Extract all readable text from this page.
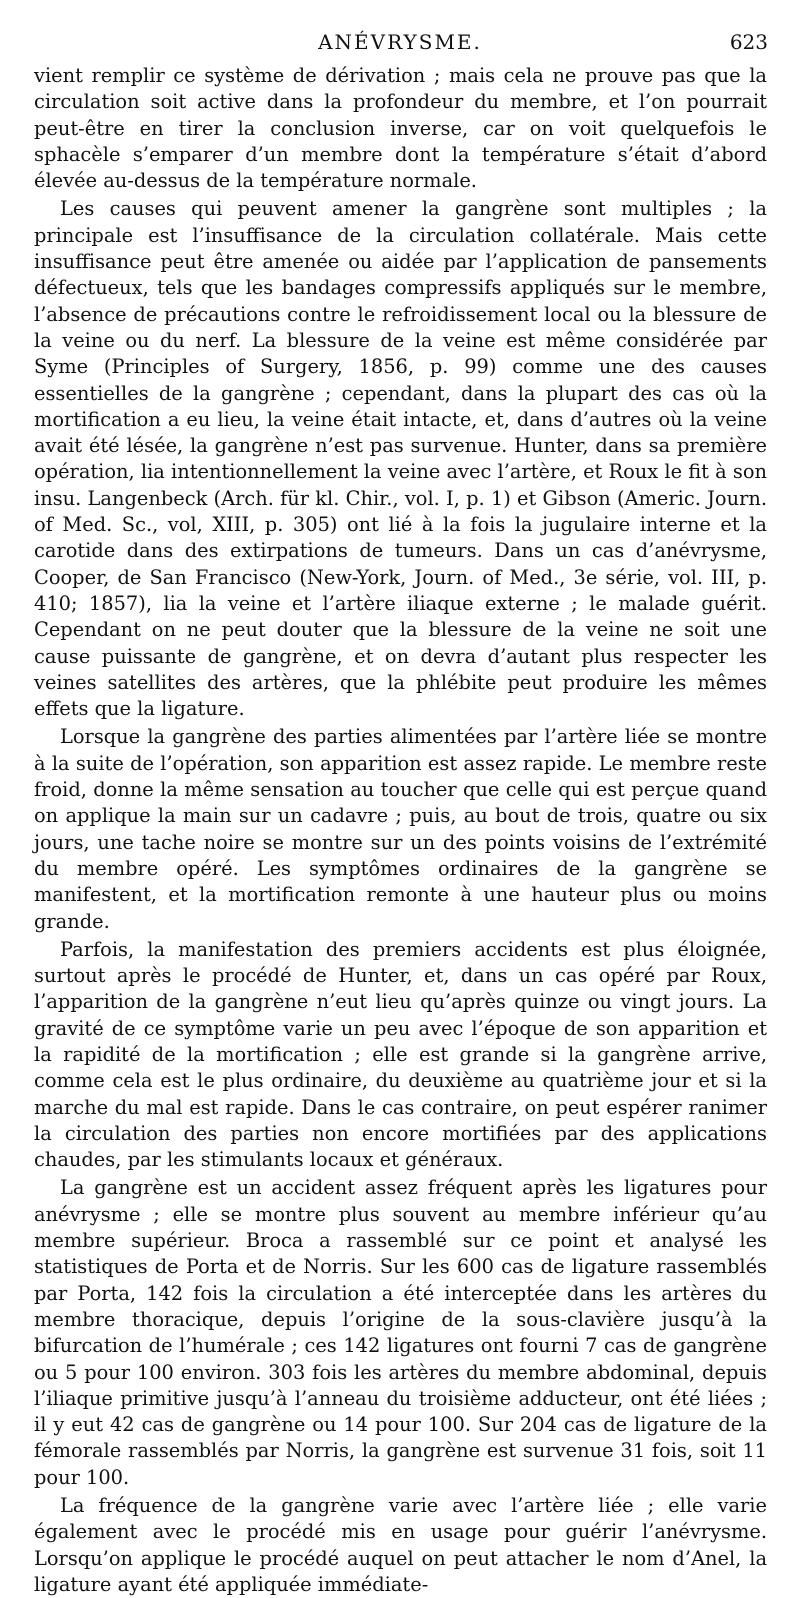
ANÉVRYSME.	623

vient remplir ce système de dérivation ; mais cela ne prouve pas que la circulation soit active dans la profondeur du membre, et l’on pourrait peut-être en tirer la conclusion inverse, car on voit quelquefois le sphacèle s’emparer d’un membre dont la température s’était d’abord élevée au-dessus de la température normale.

Les causes qui peuvent amener la gangrène sont multiples ; la principale est l’insuffisance de la circulation collatérale. Mais cette insuffisance peut être amenée ou aidée par l’application de pansements défectueux, tels que les bandages compressifs appliqués sur le membre, l’absence de précautions contre le refroidissement local ou la blessure de la veine ou du nerf. La blessure de la veine est même considérée par Syme (Principles of Surgery, 1856, p. 99) comme une des causes essentielles de la gangrène ; cependant, dans la plupart des cas où la mortification a eu lieu, la veine était intacte, et, dans d’autres où la veine avait été lésée, la gangrène n’est pas survenue. Hunter, dans sa première opération, lia intentionnellement la veine avec l’artère, et Roux le fit à son insu. Langenbeck (Arch. für kl. Chir., vol. I, p. 1) et Gibson (Americ. Journ. of Med. Sc., vol, XIII, p. 305) ont lié à la fois la jugulaire interne et la carotide dans des extirpations de tumeurs. Dans un cas d’anévrysme, Cooper, de San Francisco (New-York, Journ. of Med., 3e série, vol. III, p. 410; 1857), lia la veine et l’artère iliaque externe ; le malade guérit. Cependant on ne peut douter que la blessure de la veine ne soit une cause puissante de gangrène, et on devra d’autant plus respecter les veines satellites des artères, que la phlébite peut produire les mêmes effets que la ligature.

Lorsque la gangrène des parties alimentées par l’artère liée se montre à la suite de l’opération, son apparition est assez rapide. Le membre reste froid, donne la même sensation au toucher que celle qui est perçue quand on applique la main sur un cadavre ; puis, au bout de trois, quatre ou six jours, une tache noire se montre sur un des points voisins de l’extrémité du membre opéré. Les symptômes ordinaires de la gangrène se manifestent, et la mortification remonte à une hauteur plus ou moins grande.

Parfois, la manifestation des premiers accidents est plus éloignée, surtout après le procédé de Hunter, et, dans un cas opéré par Roux, l’apparition de la gangrène n’eut lieu qu’après quinze ou vingt jours. La gravité de ce symptôme varie un peu avec l’époque de son apparition et la rapidité de la mortification ; elle est grande si la gangrène arrive, comme cela est le plus ordinaire, du deuxième au quatrième jour et si la marche du mal est rapide. Dans le cas contraire, on peut espérer ranimer la circulation des parties non encore mortifiées par des applications chaudes, par les stimulants locaux et généraux.

La gangrène est un accident assez fréquent après les ligatures pour anévrysme ; elle se montre plus souvent au membre inférieur qu’au membre supérieur. Broca a rassemblé sur ce point et analysé les statistiques de Porta et de Norris. Sur les 600 cas de ligature rassemblés par Porta, 142 fois la circulation a été interceptée dans les artères du membre thoracique, depuis l’origine de la sous-clavière jusqu’à la bifurcation de l’humérale ; ces 142 ligatures ont fourni 7 cas de gangrène ou 5 pour 100 environ. 303 fois les artères du membre abdominal, depuis l’iliaque primitive jusqu’à l’anneau du troisième adducteur, ont été liées ; il y eut 42 cas de gangrène ou 14 pour 100. Sur 204 cas de ligature de la fémorale rassemblés par Norris, la gangrène est survenue 31 fois, soit 11 pour 100.

La fréquence de la gangrène varie avec l’artère liée ; elle varie également avec le procédé mis en usage pour guérir l’anévrysme. Lorsqu’on applique le procédé auquel on peut attacher le nom d’Anel, la ligature ayant été appliquée immédiate-
